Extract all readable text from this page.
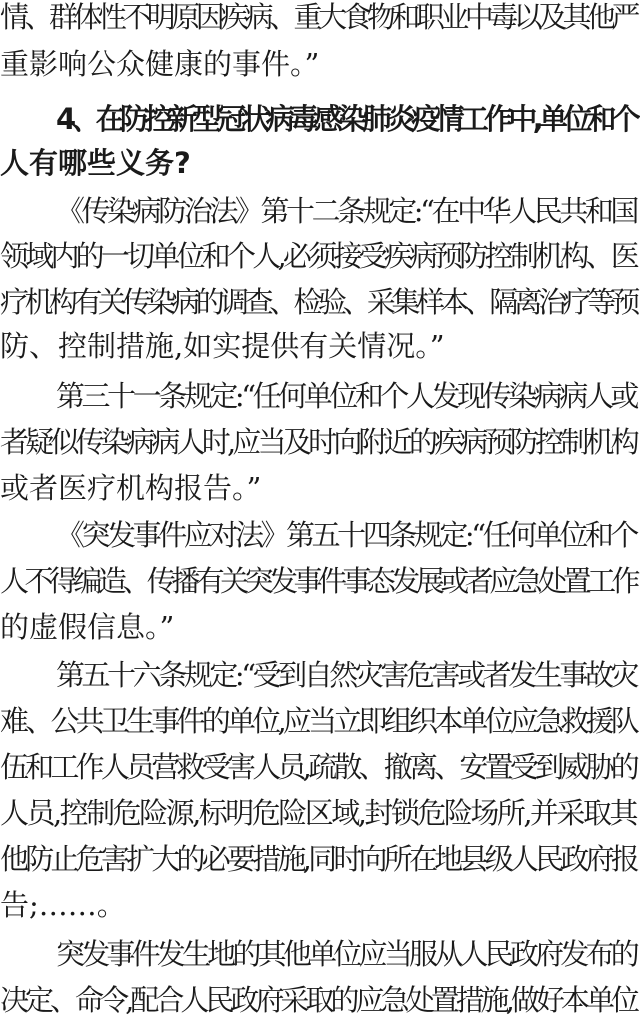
情、群体性不明原因疾病、重大食物和职业中毒以及其他严
重影响公众健康的事件。”
4、在防控新型冠状病毒感染肺炎疫情工作中,单位和个
人有哪些义务?
《传染病防治法》第十二条规定:“在中华人民共和国
领域内的一切单位和个人,必须接受疾病预防控制机构、医
疗机构有关传染病的调查、检验、采集样本、隔离治疗等预
防、控制措施,如实提供有关情况。”
第三十一条规定:“任何单位和个人发现传染病病人或
者疑似传染病病人时,应当及时向附近的疾病预防控制机构
或者医疗机构报告。”
《突发事件应对法》第五十四条规定:“任何单位和个
人不得编造、传播有关突发事件事态发展或者应急处置工作
的虚假信息。”
第五十六条规定:“受到自然灾害危害或者发生事故灾
难、公共卫生事件的单位,应当立即组织本单位应急救援队
伍和工作人员营救受害人员,疏散、撤离、安置受到威胁的
人员,控制危险源,标明危险区域,封锁危险场所,并采取其
他防止危害扩大的必要措施,同时向所在地县级人民政府报
告;……。
突发事件发生地的其他单位应当服从人民政府发布的
决定、命令,配合人民政府采取的应急处置措施,做好本单位
